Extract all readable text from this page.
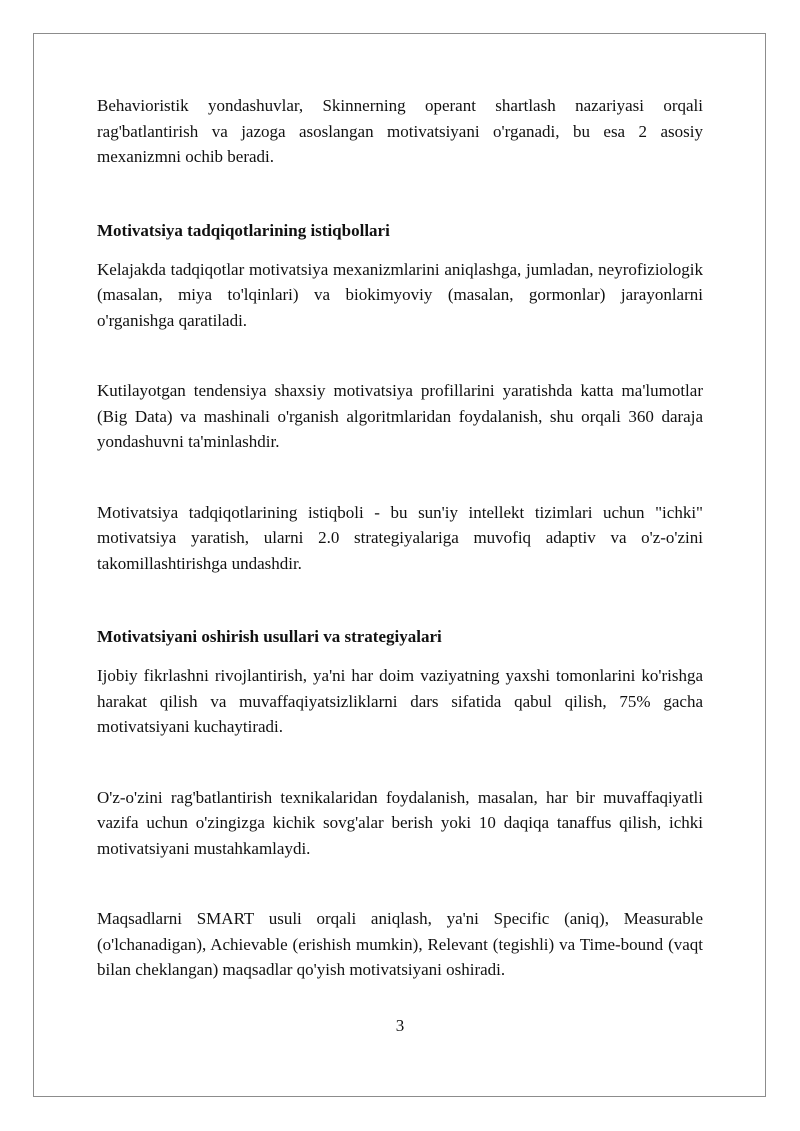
Behavioristik yondashuvlar, Skinnerning operant shartlash nazariyasi orqali rag'batlantirish va jazoga asoslangan motivatsiyani o'rganadi, bu esa 2 asosiy mexanizmni ochib beradi.

Motivatsiya tadqiqotlarining istiqbollari

Kelajakda tadqiqotlar motivatsiya mexanizmlarini aniqlashga, jumladan, neyrofiziologik (masalan, miya to'lqinlari) va biokimyoviy (masalan, gormonlar) jarayonlarni o'rganishga qaratiladi.

Kutilayotgan tendensiya shaxsiy motivatsiya profillarini yaratishda katta ma'lumotlar (Big Data) va mashinali o'rganish algoritmlaridan foydalanish, shu orqali 360 daraja yondashuvni ta'minlashdir.

Motivatsiya tadqiqotlarining istiqboli - bu sun'iy intellekt tizimlari uchun "ichki" motivatsiya yaratish, ularni 2.0 strategiyalariga muvofiq adaptiv va o'z-o'zini takomillashtirishga undashdir.

Motivatsiyani oshirish usullari va strategiyalari

Ijobiy fikrlashni rivojlantirish, ya'ni har doim vaziyatning yaxshi tomonlarini ko'rishga harakat qilish va muvaffaqiyatsizliklarni dars sifatida qabul qilish, 75% gacha motivatsiyani kuchaytiradi.

O'z-o'zini rag'batlantirish texnikalaridan foydalanish, masalan, har bir muvaffaqiyatli vazifa uchun o'zingizga kichik sovg'alar berish yoki 10 daqiqa tanaffus qilish, ichki motivatsiyani mustahkamlaydi.

Maqsadlarni SMART usuli orqali aniqlash, ya'ni Specific (aniq), Measurable (o'lchanadigan), Achievable (erishish mumkin), Relevant (tegishli) va Time-bound (vaqt bilan cheklangan) maqsadlar qo'yish motivatsiyani oshiradi.

3
